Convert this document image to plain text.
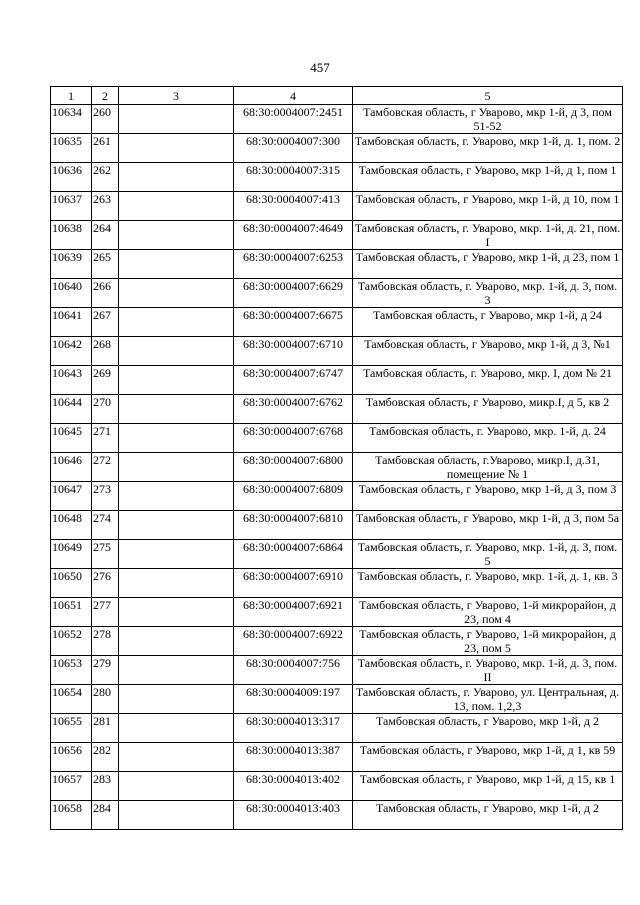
457
1	2	3	4	5
10634	260		68:30:0004007:2451	Тамбовская область, г Уварово, мкр 1-й, д 3, пом 51-52
10635	261		68:30:0004007:300	Тамбовская область, г. Уварово, мкр 1-й, д. 1, пом. 2
10636	262		68:30:0004007:315	Тамбовская область, г Уварово, мкр 1-й, д 1, пом 1
10637	263		68:30:0004007:413	Тамбовская область, г Уварово, мкр 1-й, д 10, пом 1
10638	264		68:30:0004007:4649	Тамбовская область, г. Уварово, мкр. 1-й, д. 21, пом. I
10639	265		68:30:0004007:6253	Тамбовская область, г Уварово, мкр 1-й, д 23, пом 1
10640	266		68:30:0004007:6629	Тамбовская область, г. Уварово, мкр. 1-й, д. 3, пом. 3
10641	267		68:30:0004007:6675	Тамбовская область, г Уварово, мкр 1-й, д 24
10642	268		68:30:0004007:6710	Тамбовская область, г Уварово, мкр 1-й, д 3, №1
10643	269		68:30:0004007:6747	Тамбовская область, г. Уварово, мкр. I, дом № 21
10644	270		68:30:0004007:6762	Тамбовская область, г Уварово, микр.I, д 5, кв 2
10645	271		68:30:0004007:6768	Тамбовская область, г. Уварово, мкр. 1-й, д. 24
10646	272		68:30:0004007:6800	Тамбовская область, г.Уварово, микр.I, д.31, помещение № 1
10647	273		68:30:0004007:6809	Тамбовская область, г Уварово, мкр 1-й, д 3, пом 3
10648	274		68:30:0004007:6810	Тамбовская область, г Уварово, мкр 1-й, д 3, пом 5а
10649	275		68:30:0004007:6864	Тамбовская область, г. Уварово, мкр. 1-й, д. 3, пом. 5
10650	276		68:30:0004007:6910	Тамбовская область, г. Уварово, мкр. 1-й, д. 1, кв. 3
10651	277		68:30:0004007:6921	Тамбовская область, г Уварово, 1-й микрорайон, д 23, пом 4
10652	278		68:30:0004007:6922	Тамбовская область, г Уварово, 1-й микрорайон, д 23, пом 5
10653	279		68:30:0004007:756	Тамбовская область, г. Уварово, мкр. 1-й, д. 3, пом. II
10654	280		68:30:0004009:197	Тамбовская область, г. Уварово, ул. Центральная, д. 13, пом. 1,2,3
10655	281		68:30:0004013:317	Тамбовская область, г Уварово, мкр 1-й, д 2
10656	282		68:30:0004013:387	Тамбовская область, г Уварово, мкр 1-й, д 1, кв 59
10657	283		68:30:0004013:402	Тамбовская область, г Уварово, мкр 1-й, д 15, кв 1
10658	284		68:30:0004013:403	Тамбовская область, г Уварово, мкр 1-й, д 2
